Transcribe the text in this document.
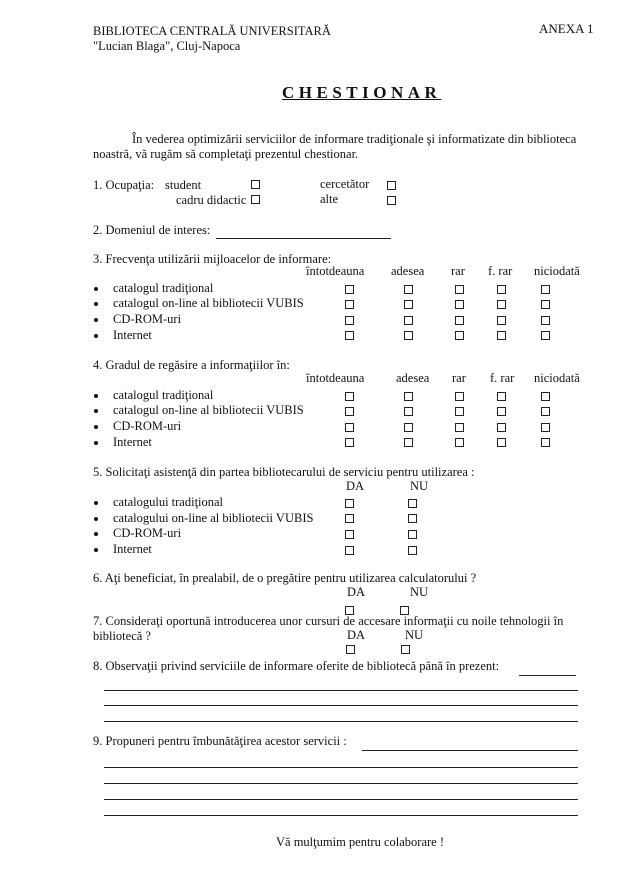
BIBLIOTECA CENTRALĂ UNIVERSITARĂ
"Lucian Blaga", Cluj-Napoca
ANEXA 1
CHESTIONAR
În vederea optimizării serviciilor de informare tradiţionale şi informatizate din biblioteca
noastră, vă rugăm să completaţi prezentul chestionar.
1. Ocupaţia: student	cercetător
cadru didactic	alte
2. Domeniul de interes:
3. Frecvenţa utilizării mijloacelor de informare:
întotdeauna adesea rar f. rar niciodată
catalogul tradiţional
catalogul on-line al bibliotecii VUBIS
CD-ROM-uri
Internet
4. Gradul de regăsire a informaţiilor în:
întotdeauna	adesea rar f. rar niciodată
catalogul tradiţional
catalogul on-line al bibliotecii VUBIS
CD-ROM-uri
Internet
5. Solicitaţi asistenţă din partea bibliotecarului de serviciu pentru utilizarea :
DA	NU
catalogului tradiţional
catalogului on-line al bibliotecii VUBIS
CD-ROM-uri
Internet
6. Aţi beneficiat, în prealabil, de o pregătire pentru utilizarea calculatorului ?
DA	NU
7. Consideraţi oportună introducerea unor cursuri de accesare informaţii cu noile tehnologii în
bibliotecă ?	DA	NU
8. Observaţii privind serviciile de informare oferite de bibliotecă până în prezent:
9. Propuneri pentru îmbunătăţirea acestor servicii :
Vă mulţumim pentru colaborare !
